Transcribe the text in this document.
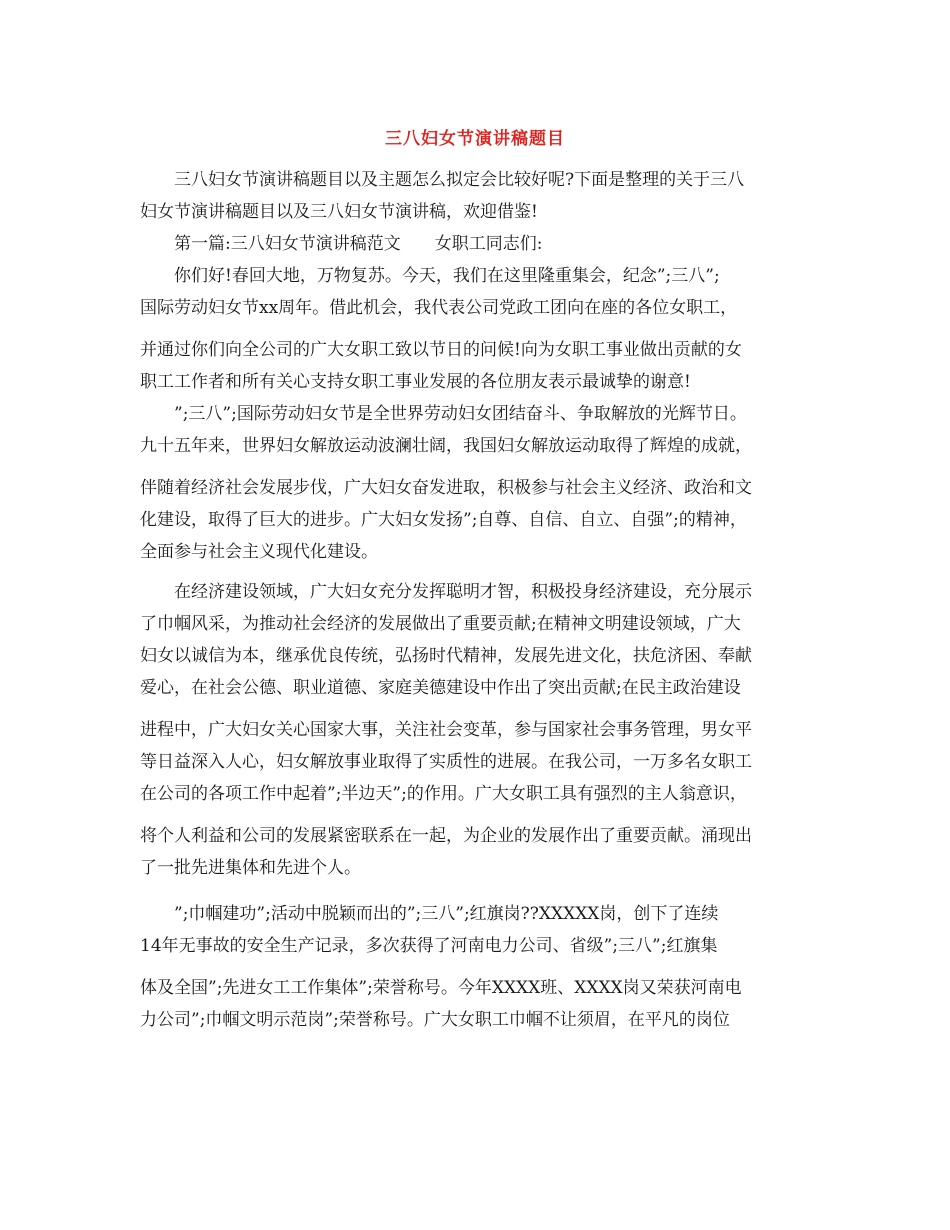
三八妇女节演讲稿题目
　　三八妇女节演讲稿题目以及主题怎么拟定会比较好呢?下面是整理的关于三八
妇女节演讲稿题目以及三八妇女节演讲稿，欢迎借鉴!
　　第一篇:三八妇女节演讲稿范文　　女职工同志们:
　　你们好!春回大地，万物复苏。今天，我们在这里隆重集会，纪念”;三八”;
国际劳动妇女节xx周年。借此机会，我代表公司党政工团向在座的各位女职工，
并通过你们向全公司的广大女职工致以节日的问候!向为女职工事业做出贡献的女
职工工作者和所有关心支持女职工事业发展的各位朋友表示最诚挚的谢意!
　　”;三八”;国际劳动妇女节是全世界劳动妇女团结奋斗、争取解放的光辉节日。
九十五年来，世界妇女解放运动波澜壮阔，我国妇女解放运动取得了辉煌的成就，
伴随着经济社会发展步伐，广大妇女奋发进取，积极参与社会主义经济、政治和文
化建设，取得了巨大的进步。广大妇女发扬”;自尊、自信、自立、自强”;的精神，
全面参与社会主义现代化建设。
　　在经济建设领域，广大妇女充分发挥聪明才智，积极投身经济建设，充分展示
了巾帼风采，为推动社会经济的发展做出了重要贡献;在精神文明建设领域，广大
妇女以诚信为本，继承优良传统，弘扬时代精神，发展先进文化，扶危济困、奉献
爱心，在社会公德、职业道德、家庭美德建设中作出了突出贡献;在民主政治建设
进程中，广大妇女关心国家大事，关注社会变革，参与国家社会事务管理，男女平
等日益深入人心，妇女解放事业取得了实质性的进展。在我公司，一万多名女职工
在公司的各项工作中起着”;半边天”;的作用。广大女职工具有强烈的主人翁意识，
将个人利益和公司的发展紧密联系在一起，为企业的发展作出了重要贡献。涌现出
了一批先进集体和先进个人。
　　”;巾帼建功”;活动中脱颖而出的”;三八”;红旗岗??XXXXX岗，创下了连续
14年无事故的安全生产记录，多次获得了河南电力公司、省级”;三八”;红旗集
体及全国”;先进女工工作集体”;荣誉称号。今年XXXX班、XXXX岗又荣获河南电
力公司”;巾帼文明示范岗”;荣誉称号。广大女职工巾帼不让须眉，在平凡的岗位
